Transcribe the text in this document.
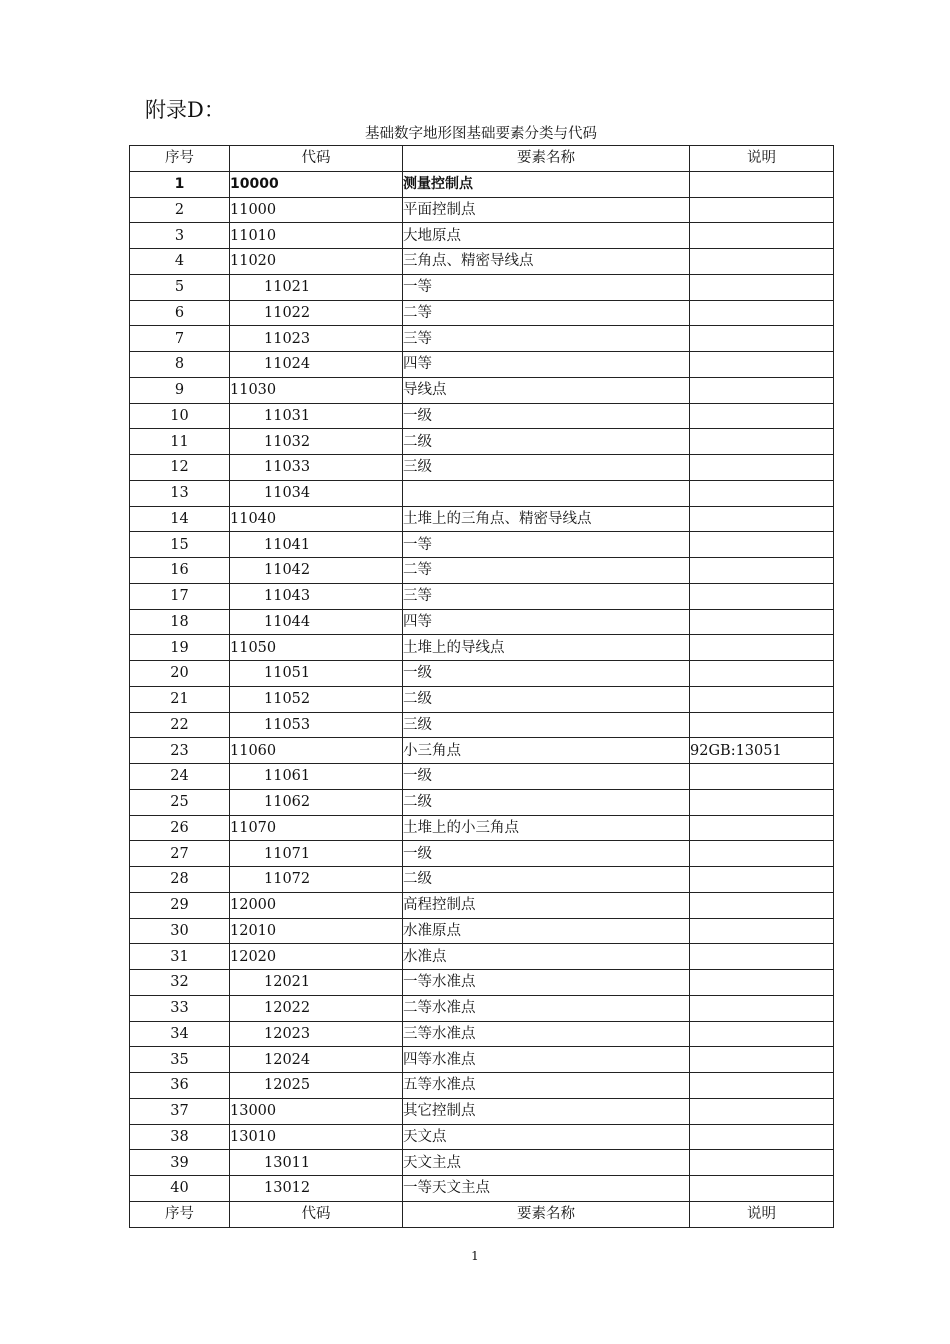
附录D：
基础数字地形图基础要素分类与代码
序号	代码	要素名称	说明
1	10000	测量控制点	
2	11000	平面控制点	
3	11010	大地原点	
4	11020	三角点、精密导线点	
5	11021	一等	
6	11022	二等	
7	11023	三等	
8	11024	四等	
9	11030	导线点	
10	11031	一级	
11	11032	二级	
12	11033	三级	
13	11034		
14	11040	土堆上的三角点、精密导线点	
15	11041	一等	
16	11042	二等	
17	11043	三等	
18	11044	四等	
19	11050	土堆上的导线点	
20	11051	一级	
21	11052	二级	
22	11053	三级	
23	11060	小三角点	92GB:13051
24	11061	一级	
25	11062	二级	
26	11070	土堆上的小三角点	
27	11071	一级	
28	11072	二级	
29	12000	高程控制点	
30	12010	水准原点	
31	12020	水准点	
32	12021	一等水准点	
33	12022	二等水准点	
34	12023	三等水准点	
35	12024	四等水准点	
36	12025	五等水准点	
37	13000	其它控制点	
38	13010	天文点	
39	13011	天文主点	
40	13012	一等天文主点	
序号	代码	要素名称	说明
1
